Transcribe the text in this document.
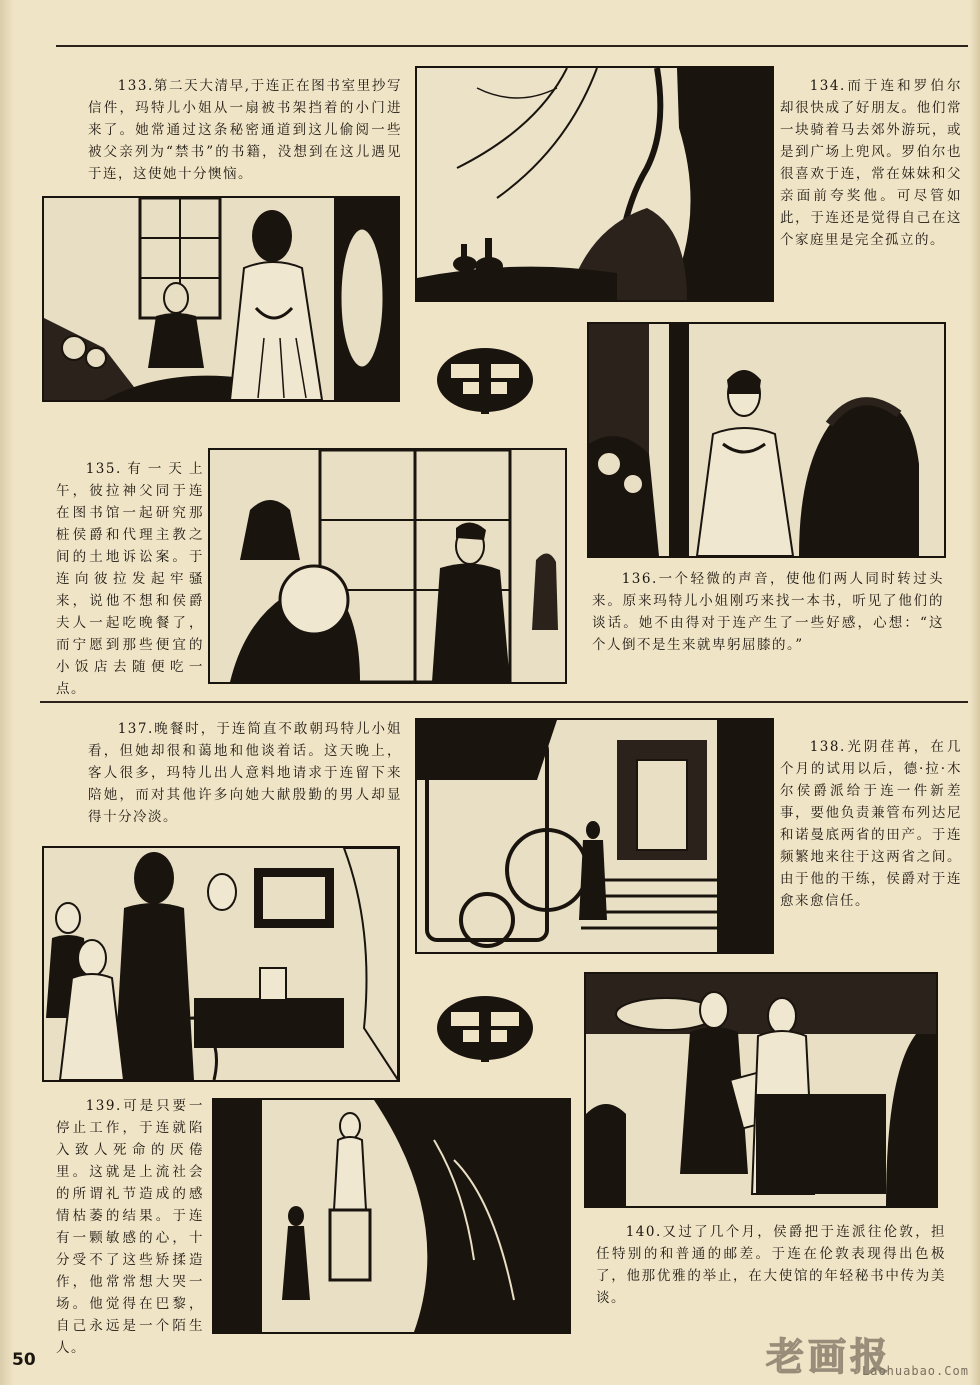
133.第二天大清早,于连正在图书室里抄写信件，玛特儿小姐从一扇被书架挡着的小门进来了。她常通过这条秘密通道到这儿偷阅一些被父亲列为“禁书”的书籍，没想到在这儿遇见于连，这使她十分懊恼。

134.而于连和罗伯尔却很快成了好朋友。他们常一块骑着马去郊外游玩，或是到广场上兜风。罗伯尔也很喜欢于连，常在妹妹和父亲面前夸奖他。可尽管如此，于连还是觉得自己在这个家庭里是完全孤立的。

135.有一天上午，彼拉神父同于连在图书馆一起研究那桩侯爵和代理主教之间的土地诉讼案。于连向彼拉发起牢骚来，说他不想和侯爵夫人一起吃晚餐了，而宁愿到那些便宜的小饭店去随便吃一点。

136.一个轻微的声音，使他们两人同时转过头来。原来玛特儿小姐刚巧来找一本书，听见了他们的谈话。她不由得对于连产生了一些好感，心想：“这个人倒不是生来就卑躬屈膝的。”

137.晚餐时，于连简直不敢朝玛特儿小姐看，但她却很和蔼地和他谈着话。这天晚上，客人很多，玛特儿出人意料地请求于连留下来陪她，而对其他许多向她大献殷勤的男人却显得十分冷淡。

138.光阴荏苒，在几个月的试用以后，德·拉·木尔侯爵派给于连一件新差事，要他负责兼管布列达尼和诺曼底两省的田产。于连频繁地来往于这两省之间。由于他的干练，侯爵对于连愈来愈信任。

139.可是只要一停止工作，于连就陷入致人死命的厌倦里。这就是上流社会的所谓礼节造成的感情枯萎的结果。于连有一颗敏感的心，十分受不了这些矫揉造作，他常常想大哭一场。他觉得在巴黎，自己永远是一个陌生人。

140.又过了几个月，侯爵把于连派往伦敦，担任特别的和普通的邮差。于连在伦敦表现得出色极了，他那优雅的举止，在大使馆的年轻秘书中传为美谈。

50	老画报
Laohuabao.Com
